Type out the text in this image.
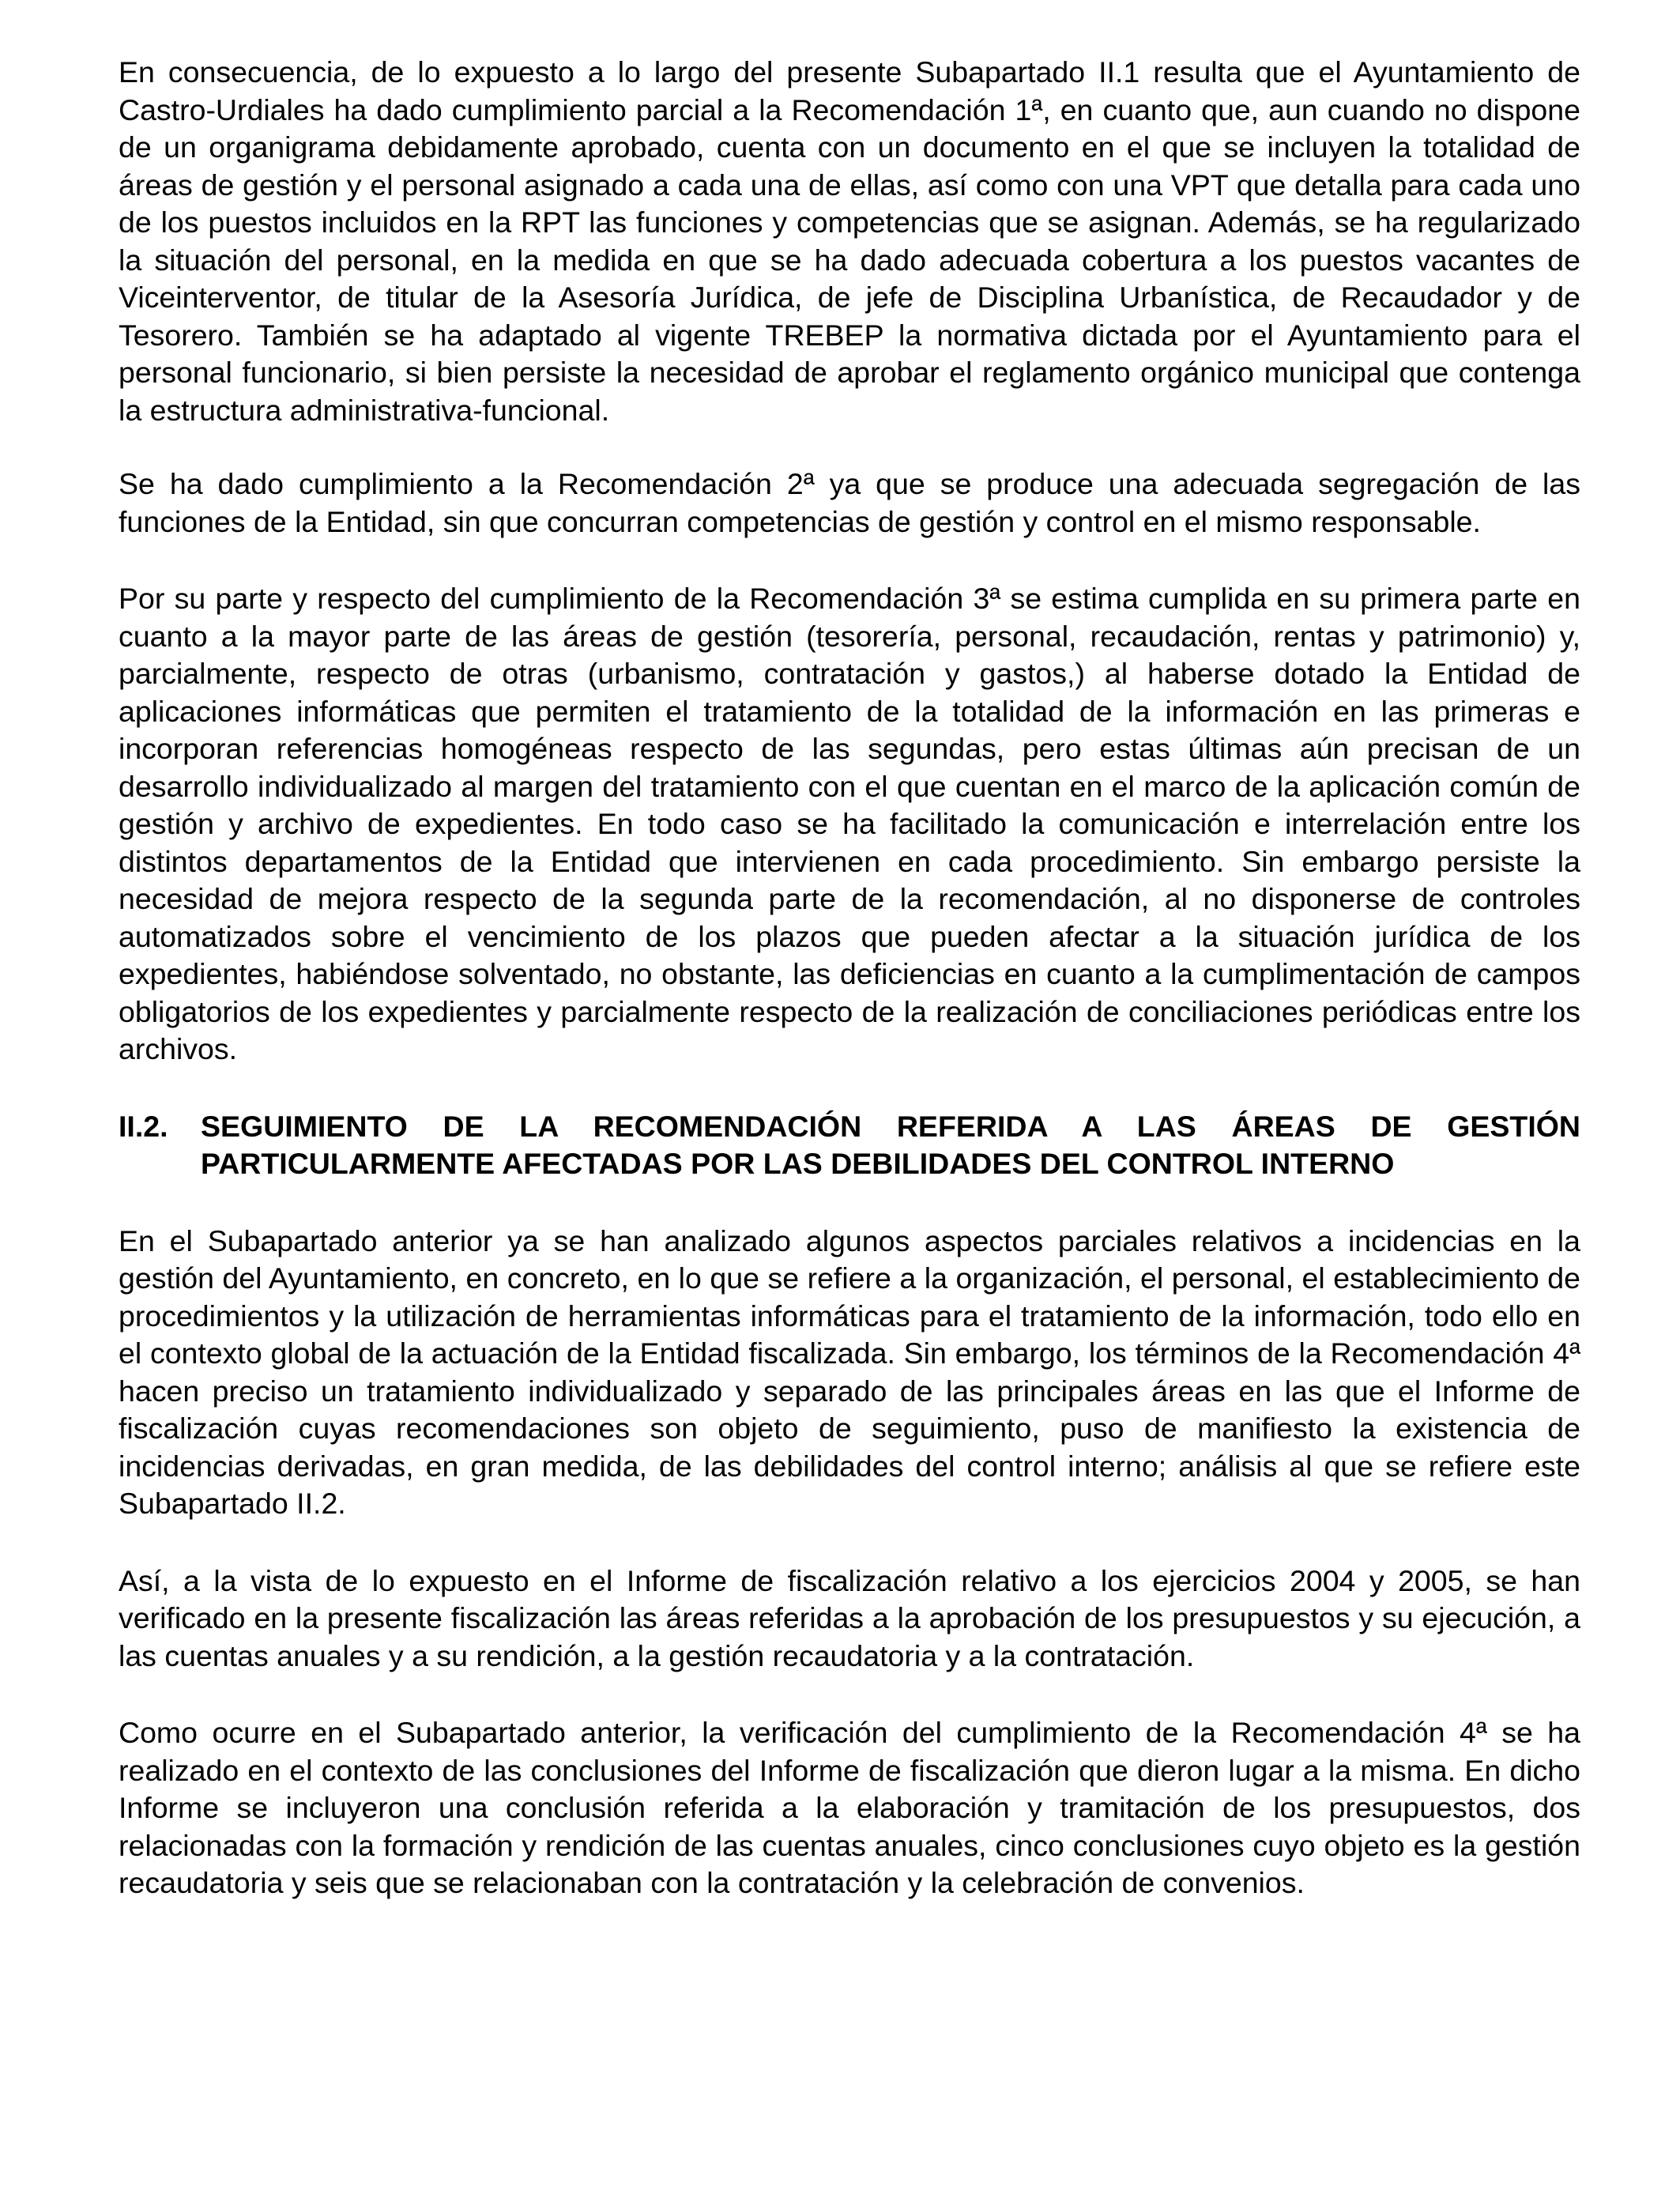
En consecuencia, de lo expuesto a lo largo del presente Subapartado II.1 resulta que el Ayuntamiento de Castro-Urdiales ha dado cumplimiento parcial a la Recomendación 1ª, en cuanto que, aun cuando no dispone de un organigrama debidamente aprobado, cuenta con un documento en el que se incluyen la totalidad de áreas de gestión y el personal asignado a cada una de ellas, así como con una VPT que detalla para cada uno de los puestos incluidos en la RPT las funciones y competencias que se asignan. Además, se ha regularizado la situación del personal, en la medida en que se ha dado adecuada cobertura a los puestos vacantes de Viceinterventor, de titular de la Asesoría Jurídica, de jefe de Disciplina Urbanística, de Recaudador y de Tesorero. También se ha adaptado al vigente TREBEP la normativa dictada por el Ayuntamiento para el personal funcionario, si bien persiste la necesidad de aprobar el reglamento orgánico municipal que contenga la estructura administrativa-funcional.

Se ha dado cumplimiento a la Recomendación 2ª ya que se produce una adecuada segregación de las funciones de la Entidad, sin que concurran competencias de gestión y control en el mismo responsable.

Por su parte y respecto del cumplimiento de la Recomendación 3ª se estima cumplida en su primera parte en cuanto a la mayor parte de las áreas de gestión (tesorería, personal, recaudación, rentas y patrimonio) y, parcialmente, respecto de otras (urbanismo, contratación y gastos,) al haberse dotado la Entidad de aplicaciones informáticas que permiten el tratamiento de la totalidad de la información en las primeras e incorporan referencias homogéneas respecto de las segundas, pero estas últimas aún precisan de un desarrollo individualizado al margen del tratamiento con el que cuentan en el marco de la aplicación común de gestión y archivo de expedientes. En todo caso se ha facilitado la comunicación e interrelación entre los distintos departamentos de la Entidad que intervienen en cada procedimiento. Sin embargo persiste la necesidad de mejora respecto de la segunda parte de la recomendación, al no disponerse de controles automatizados sobre el vencimiento de los plazos que pueden afectar a la situación jurídica de los expedientes, habiéndose solventado, no obstante, las deficiencias en cuanto a la cumplimentación de campos obligatorios de los expedientes y parcialmente respecto de la realización de conciliaciones periódicas entre los archivos.

II.2.	SEGUIMIENTO DE LA RECOMENDACIÓN REFERIDA A LAS ÁREAS DE GESTIÓN PARTICULARMENTE AFECTADAS POR LAS DEBILIDADES DEL CONTROL INTERNO

En el Subapartado anterior ya se han analizado algunos aspectos parciales relativos a incidencias en la gestión del Ayuntamiento, en concreto, en lo que se refiere a la organización, el personal, el establecimiento de procedimientos y la utilización de herramientas informáticas para el tratamiento de la información, todo ello en el contexto global de la actuación de la Entidad fiscalizada. Sin embargo, los términos de la Recomendación 4ª hacen preciso un tratamiento individualizado y separado de las principales áreas en las que el Informe de fiscalización cuyas recomendaciones son objeto de seguimiento, puso de manifiesto la existencia de incidencias derivadas, en gran medida, de las debilidades del control interno; análisis al que se refiere este Subapartado II.2.

Así, a la vista de lo expuesto en el Informe de fiscalización relativo a los ejercicios 2004 y 2005, se han verificado en la presente fiscalización las áreas referidas a la aprobación de los presupuestos y su ejecución, a las cuentas anuales y a su rendición, a la gestión recaudatoria y a la contratación.

Como ocurre en el Subapartado anterior, la verificación del cumplimiento de la Recomendación 4ª se ha realizado en el contexto de las conclusiones del Informe de fiscalización que dieron lugar a la misma. En dicho Informe se incluyeron una conclusión referida a la elaboración y tramitación de los presupuestos, dos relacionadas con la formación y rendición de las cuentas anuales, cinco conclusiones cuyo objeto es la gestión recaudatoria y seis que se relacionaban con la contratación y la celebración de convenios.
